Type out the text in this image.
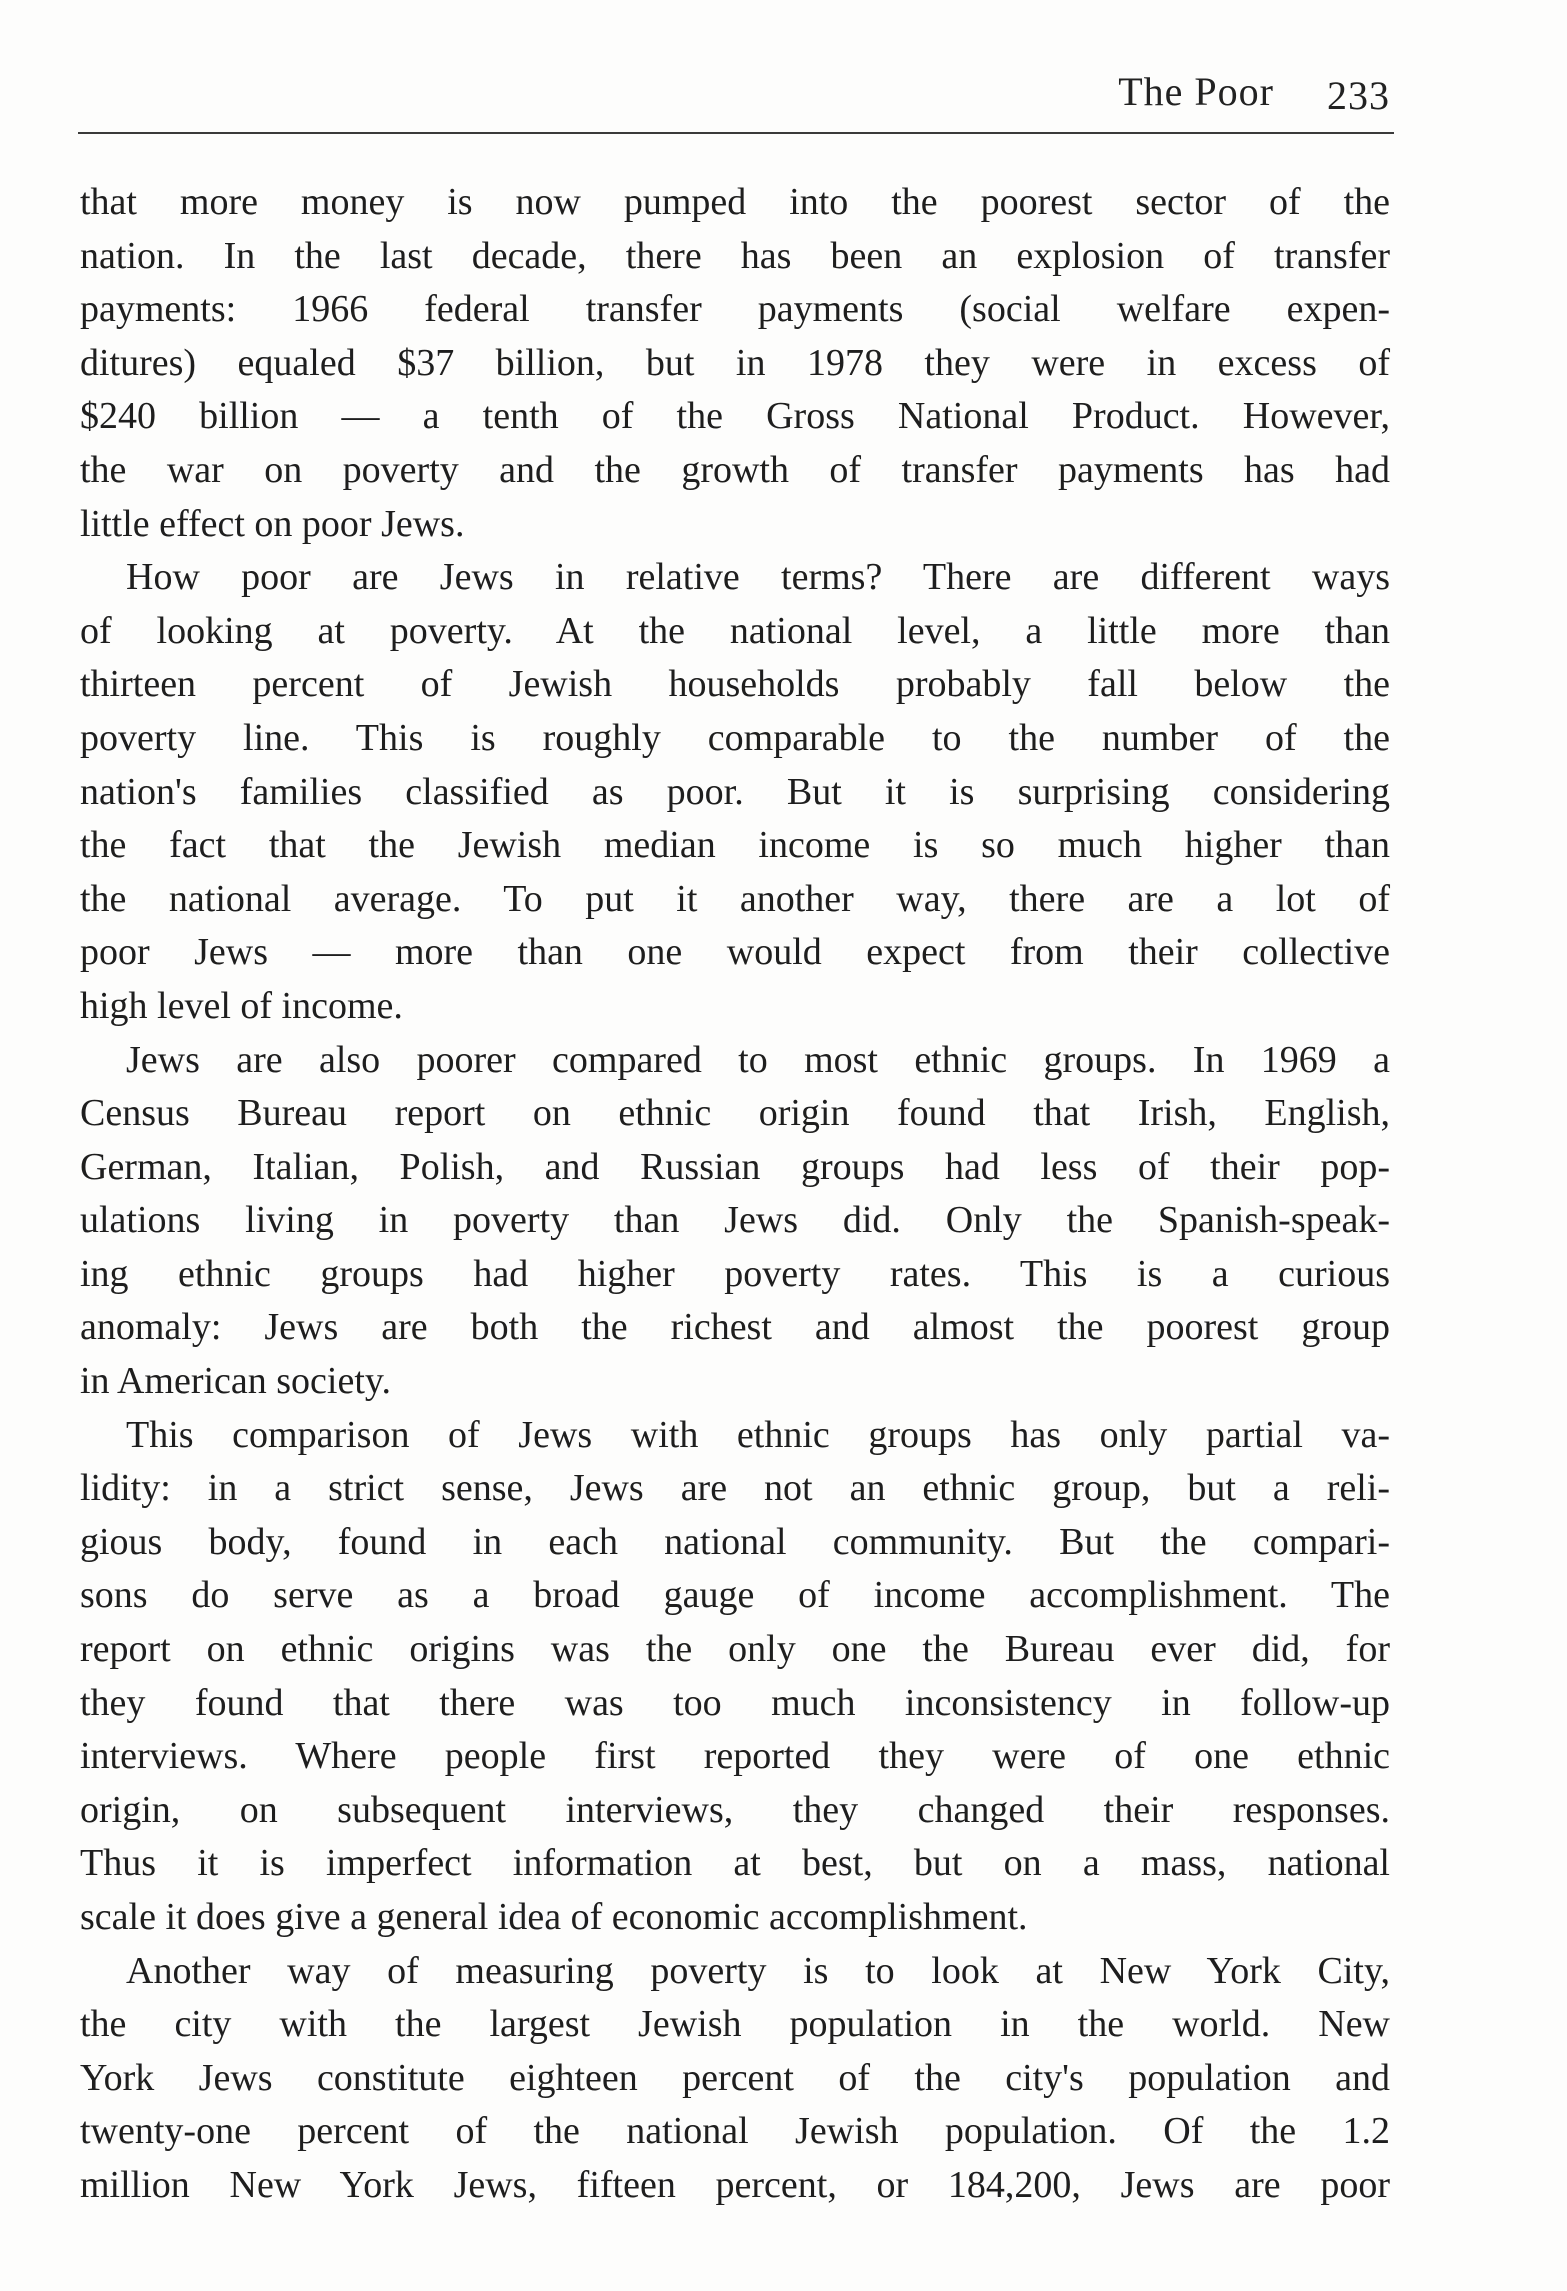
The Poor 233
that more money is now pumped into the poorest sector of the
nation. In the last decade, there has been an explosion of transfer
payments: 1966 federal transfer payments (social welfare expen-
ditures) equaled $37 billion, but in 1978 they were in excess of
$240 billion — a tenth of the Gross National Product. However,
the war on poverty and the growth of transfer payments has had
little effect on poor Jews.
How poor are Jews in relative terms? There are different ways
of looking at poverty. At the national level, a little more than
thirteen percent of Jewish households probably fall below the
poverty line. This is roughly comparable to the number of the
nation's families classified as poor. But it is surprising considering
the fact that the Jewish median income is so much higher than
the national average. To put it another way, there are a lot of
poor Jews — more than one would expect from their collective
high level of income.
Jews are also poorer compared to most ethnic groups. In 1969 a
Census Bureau report on ethnic origin found that Irish, English,
German, Italian, Polish, and Russian groups had less of their pop-
ulations living in poverty than Jews did. Only the Spanish-speak-
ing ethnic groups had higher poverty rates. This is a curious
anomaly: Jews are both the richest and almost the poorest group
in American society.
This comparison of Jews with ethnic groups has only partial va-
lidity: in a strict sense, Jews are not an ethnic group, but a reli-
gious body, found in each national community. But the compari-
sons do serve as a broad gauge of income accomplishment. The
report on ethnic origins was the only one the Bureau ever did, for
they found that there was too much inconsistency in follow-up
interviews. Where people first reported they were of one ethnic
origin, on subsequent interviews, they changed their responses.
Thus it is imperfect information at best, but on a mass, national
scale it does give a general idea of economic accomplishment.
Another way of measuring poverty is to look at New York City,
the city with the largest Jewish population in the world. New
York Jews constitute eighteen percent of the city's population and
twenty-one percent of the national Jewish population. Of the 1.2
million New York Jews, fifteen percent, or 184,200, Jews are poor
